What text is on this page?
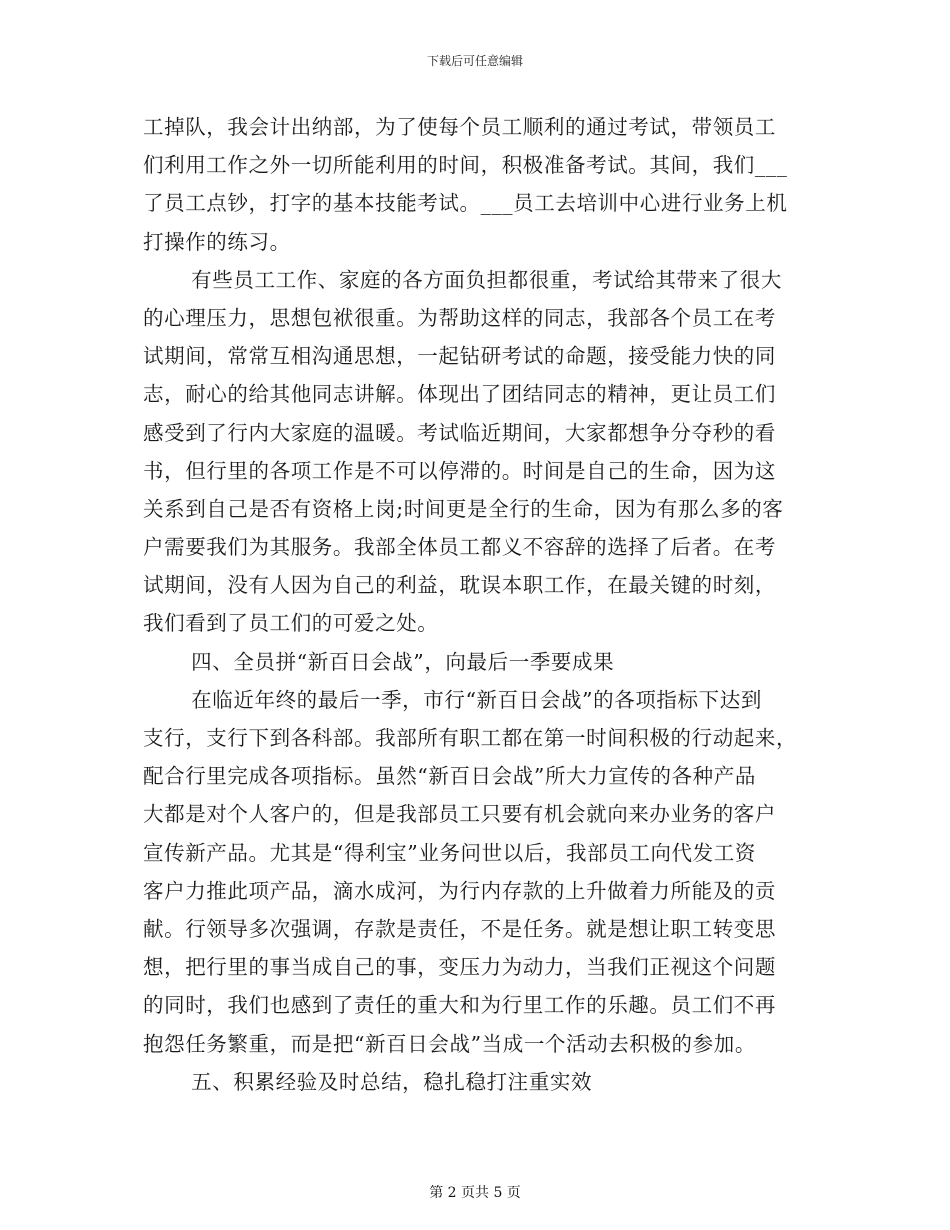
下载后可任意编辑
工掉队，我会计出纳部，为了使每个员工顺利的通过考试，带领员工
们利用工作之外一切所能利用的时间，积极准备考试。其间，我们___
了员工点钞，打字的基本技能考试。___员工去培训中心进行业务上机
打操作的练习。
有些员工工作、家庭的各方面负担都很重，考试给其带来了很大
的心理压力，思想包袱很重。为帮助这样的同志，我部各个员工在考
试期间，常常互相沟通思想，一起钻研考试的命题，接受能力快的同
志，耐心的给其他同志讲解。体现出了团结同志的精神，更让员工们
感受到了行内大家庭的温暖。考试临近期间，大家都想争分夺秒的看
书，但行里的各项工作是不可以停滞的。时间是自己的生命，因为这
关系到自己是否有资格上岗;时间更是全行的生命，因为有那么多的客
户需要我们为其服务。我部全体员工都义不容辞的选择了后者。在考
试期间，没有人因为自己的利益，耽误本职工作，在最关键的时刻，
我们看到了员工们的可爱之处。
四、全员拼“新百日会战”，向最后一季要成果
在临近年终的最后一季，市行“新百日会战”的各项指标下达到
支行，支行下到各科部。我部所有职工都在第一时间积极的行动起来，
配合行里完成各项指标。虽然“新百日会战”所大力宣传的各种产品
大都是对个人客户的，但是我部员工只要有机会就向来办业务的客户
宣传新产品。尤其是“得利宝”业务问世以后，我部员工向代发工资
客户力推此项产品，滴水成河，为行内存款的上升做着力所能及的贡
献。行领导多次强调，存款是责任，不是任务。就是想让职工转变思
想，把行里的事当成自己的事，变压力为动力，当我们正视这个问题
的同时，我们也感到了责任的重大和为行里工作的乐趣。员工们不再
抱怨任务繁重，而是把“新百日会战”当成一个活动去积极的参加。
五、积累经验及时总结，稳扎稳打注重实效
第 2 页共 5 页
